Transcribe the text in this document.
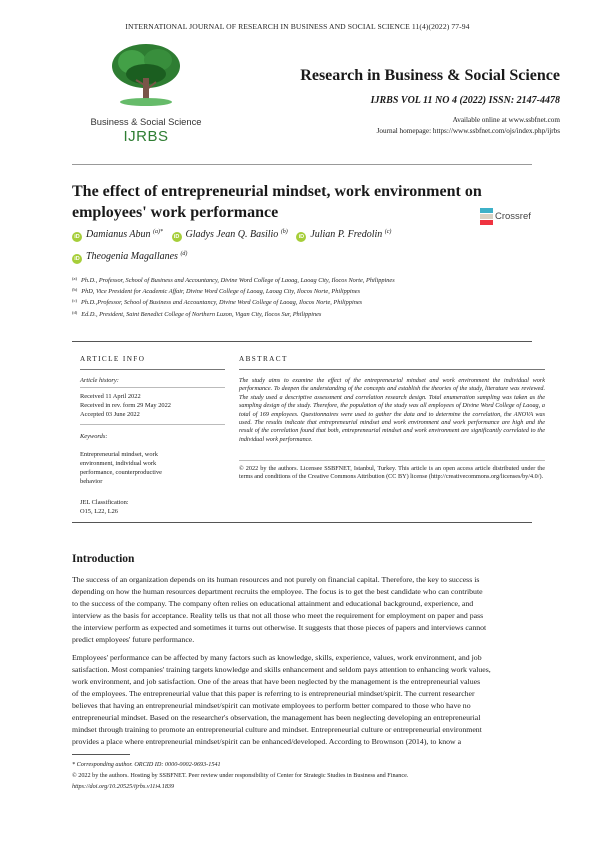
INTERNATIONAL JOURNAL OF RESEARCH IN BUSINESS AND SOCIAL SCIENCE 11(4)(2022) 77-94
Business & Social Science
IJRBS
Research in Business & Social Science
IJRBS VOL 11 NO 4 (2022) ISSN: 2147-4478
Available online at www.ssbfnet.com
Journal homepage: https://www.ssbfnet.com/ojs/index.php/ijrbs
The effect of entrepreneurial mindset, work environment on
employees' work performance	Crossref
iD Damianus Abun $^{(a)*}$ iD Gladys Jean Q. Basilio $^{(b)}$ iD Julian P. Fredolin $^{(c)}$
iD Theogenia Magallanes $^{(d)}$
$^{(a)}$ Ph.D., Professor, School of Business and Accountancy, Divine Word College of Laoag, Laoag City, Ilocos Norte, Philippines
$^{(b)}$ PhD, Vice President for Academic Affair, Divine Word College of Laoag, Laoag City, Ilocos Norte, Philippines
$^{(c)}$ Ph.D.,Professor, School of Business and Accountancy, Divine Word College of Laoag, Ilocos Norte, Philippines
$^{(d)}$ Ed.D., President, Saint Benedict College of Northern Luzon, Vigan City, Ilocos Sur, Philippines
ARTICLE INFO
Article history:
Received 11 April 2022
Received in rev. form 29 May 2022
Accepted 03 June 2022
Keywords:
Entrepreneurial mindset, work
environment, individual work
performance, counterproductive
behavior
JEL Classification:
O15, L22, L26
ABSTRACT
The study aims to examine the effect of the entrepreneurial mindset and work environment the individual work performance. To deepen the understanding of the concepts and establish the theories of the study, literature was reviewed. The study used a descriptive assessment and correlation research design. Total enumeration sampling was taken as the sampling design of the study. Therefore, the population of the study was all employees of Divine Word College of Laoag, a total of 169 employees. Questionnaires were used to gather the data and to determine the correlation, the ANOVA was used. The results indicate that entrepreneurial mindset and work environment and work performance are high and the result of the correlation found that both, entrepreneurial mindset and work environment are significantly correlated to the individual work performance.
© 2022 by the authors. Licensee SSBFNET, Istanbul, Turkey. This article is an open access article distributed under the terms and conditions of the Creative Commons Attribution (CC BY) license (http://creativecommons.org/licenses/by/4.0/).
Introduction
The success of an organization depends on its human resources and not purely on financial capital. Therefore, the key to success is
depending on how the human resources department recruits the employee. The focus is to get the best candidate who can contribute
to the success of the company. The company often relies on educational attainment and educational background, experience, and
interview as the basis for acceptance. Reality tells us that not all those who meet the requirement for employment on paper and pass
the interview perform as expected and sometimes it turns out otherwise. It suggests that those pieces of papers and interviews cannot
predict employees' future performance.
Employees' performance can be affected by many factors such as knowledge, skills, experience, values, work environment, and job
satisfaction. Most companies' training targets knowledge and skills enhancement and seldom pays attention to enhancing work values,
work environment, and job satisfaction. One of the areas that have been neglected by the management is the entrepreneurial values
of the employees. The entrepreneurial value that this paper is referring to is entrepreneurial mindset/spirit. The current researcher
believes that having an entrepreneurial mindset/spirit can motivate employees to perform better compared to those who have no
entrepreneurial mindset. Based on the researcher's observation, the management has been neglecting developing an entrepreneurial
mindset through training to promote an entrepreneurial culture and mindset. Entrepreneurial culture or entrepreneurial environment
provides a place where entrepreneurial mindset/spirit can be enhanced/developed. According to Brownson (2014), to know a
* Corresponding author. ORCID ID: 0000-0002-9693-1541
© 2022 by the authors. Hosting by SSBFNET. Peer review under responsibility of Center for Strategic Studies in Business and Finance.
https://doi.org/10.20525/ijrbs.v11i4.1839
